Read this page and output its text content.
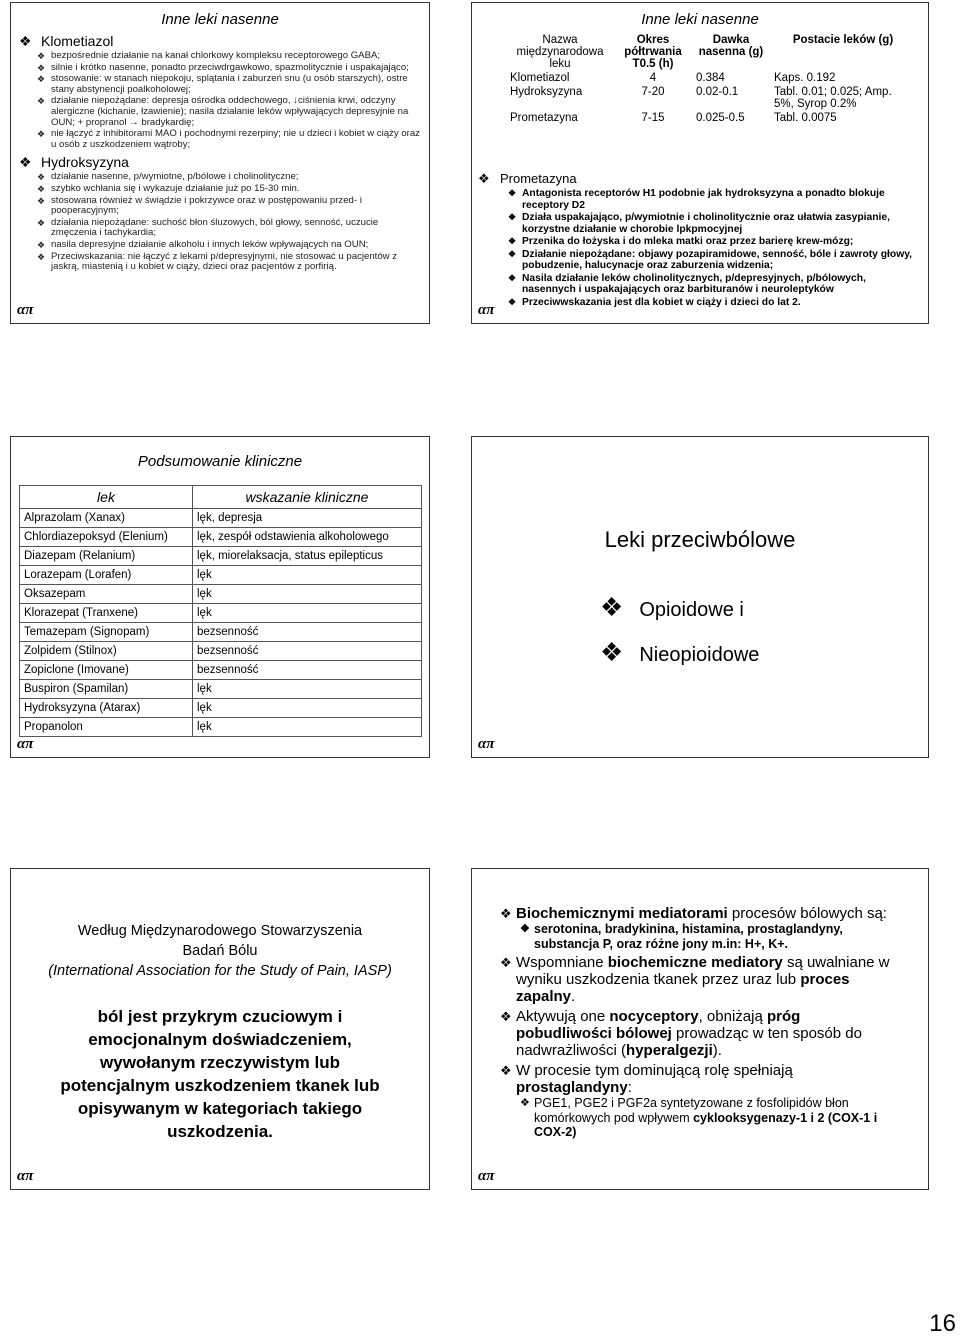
Inne leki nasenne
❖ Klometiazol
❖ bezpośrednie działanie na kanał chlorkowy kompleksu receptorowego GABA;
❖ silnie i krótko nasenne, ponadto przeciwdrgawkowo, spazmolitycznie i uspakajająco;
❖ stosowanie: w stanach niepokoju, splątania i zaburzeń snu (u osób starszych), ostre stany abstynencji poalkoholowej;
❖ działanie niepożądane: depresja ośrodka oddechowego, ↓ciśnienia krwi, odczyny alergiczne (kichanie, łzawienie); nasila działanie leków wpływających depresyjnie na OUN; + propranol → bradykardię;
❖ nie łączyć z inhibitorami MAO i pochodnymi rezerpiny; nie u dzieci i kobiet w ciąży oraz u osób z uszkodzeniem wątroby;
❖ Hydroksyzyna
❖ działanie nasenne, p/wymiotne, p/bólowe i cholinolityczne;
❖ szybko wchłania się i wykazuje działanie już po 15-30 min.
❖ stosowana również w świądzie i pokrzywce oraz w postępowaniu przed- i pooperacyjnym;
❖ działania niepożądane: suchość błon śluzowych, ból głowy, senność, uczucie zmęczenia i tachykardia;
❖ nasila depresyjne działanie alkoholu i innych leków wpływających na OUN;
❖ Przeciwskazania: nie łączyć z lekami p/depresyjnymi, nie stosować u pacjentów z jaskrą, miastenią i u kobiet w ciąży, dzieci oraz pacjentów z porfirią.
απ
Inne leki nasenne
Nazwa międzynarodowa leku	Okres półtrwania T0.5 (h)	Dawka nasenna (g)	Postacie leków (g)
Klometiazol	4	0.384	Kaps. 0.192
Hydroksyzyna	7-20	0.02-0.1	Tabl. 0.01; 0.025; Amp. 5%, Syrop 0.2%
Prometazyna	7-15	0.025-0.5	Tabl. 0.0075
❖ Prometazyna
❖ Antagonista receptorów H1 podobnie jak hydroksyzyna a ponadto blokuje receptory D2
❖ Działa uspakajająco, p/wymiotnie i cholinolitycznie oraz ułatwia zasypianie, korzystne działanie w chorobie lpkpmocyjnej
❖ Przenika do łożyska i do mleka matki oraz przez barierę krew-mózg;
❖ Działanie niepożądane: objawy pozapiramidowe, senność, bóle i zawroty głowy, pobudzenie, halucynacje oraz zaburzenia widzenia;
❖ Nasila działanie leków cholinolitycznych, p/depresyjnych, p/bólowych, nasennych i uspakajających oraz barbituranów i neuroleptyków
❖ Przeciwwskazania jest dla kobiet w ciąży i dzieci do lat 2.
απ
Podsumowanie kliniczne
lek	wskazanie kliniczne
Alprazolam (Xanax)	lęk, depresja
Chlordiazepoksyd (Elenium)	lęk, zespół odstawienia alkoholowego
Diazepam (Relanium)	lęk, miorelaksacja, status epilepticus
Lorazepam (Lorafen)	lęk
Oksazepam	lęk
Klorazepat (Tranxene)	lęk
Temazepam (Signopam)	bezsenność
Zolpidem (Stilnox)	bezsenność
Zopiclone (Imovane)	bezsenność
Buspiron (Spamilan)	lęk
Hydroksyzyna (Atarax)	lęk
Propanolon	lęk
απ
Leki przeciwbólowe
❖ Opioidowe i
❖ Nieopioidowe
απ
Według Międzynarodowego Stowarzyszenia
Badań Bólu
(International Association for the Study of Pain, IASP)
ból jest przykrym czuciowym i emocjonalnym doświadczeniem, wywołanym rzeczywistym lub potencjalnym uszkodzeniem tkanek lub opisywanym w kategoriach takiego uszkodzenia.
απ
❖ Biochemicznymi mediatorami procesów bólowych są:
❖ serotonina, bradykinina, histamina, prostaglandyny, substancja P, oraz różne jony m.in: H+, K+.
❖ Wspomniane biochemiczne mediatory są uwalniane w wyniku uszkodzenia tkanek przez uraz lub proces zapalny.
❖ Aktywują one nocyceptory, obniżają próg pobudliwości bólowej prowadząc w ten sposób do nadwrażliwości (hyperalgezji).
❖ W procesie tym dominującą rolę spełniają prostaglandyny:
❖ PGE1, PGE2 i PGF2a syntetyzowane z fosfolipidów błon komórkowych pod wpływem cyklooksygenazy-1 i 2 (COX-1 i COX-2)
απ
16
